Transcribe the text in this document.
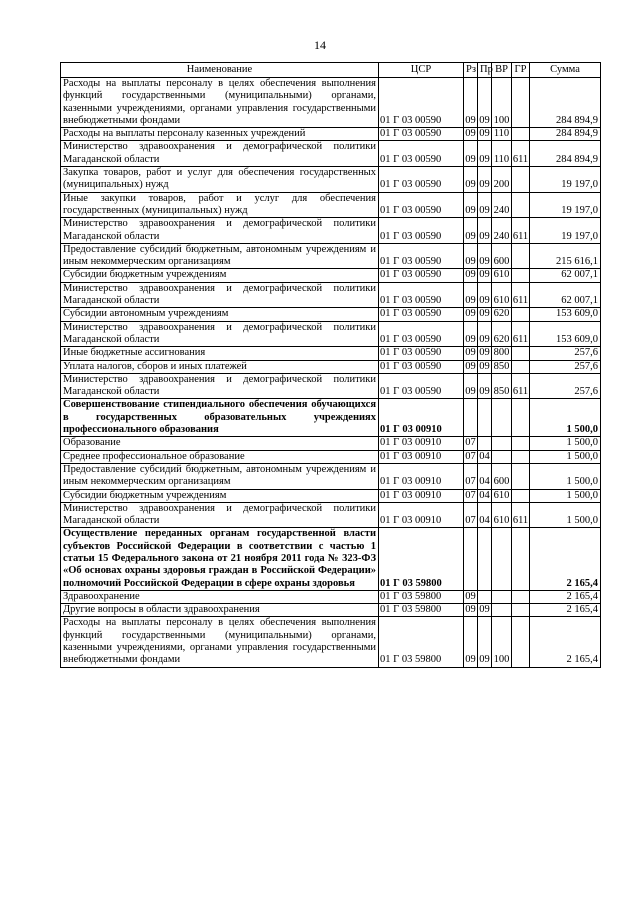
14
Наименование	ЦСР	Рз	Пр	ВР	ГР	Сумма
Расходы на выплаты персоналу в целях обеспечения выполнения функций государственными (муниципальными) органами, казенными учреждениями, органами управления государственными внебюджетными фондами	01 Г 03 00590	09	09	100		284 894,9
Расходы на выплаты персоналу казенных учреждений	01 Г 03 00590	09	09	110		284 894,9
Министерство здравоохранения и демографической политики Магаданской области	01 Г 03 00590	09	09	110	611	284 894,9
Закупка товаров, работ и услуг для обеспечения государственных (муниципальных) нужд	01 Г 03 00590	09	09	200		19 197,0
Иные закупки товаров, работ и услуг для обеспечения государственных (муниципальных) нужд	01 Г 03 00590	09	09	240		19 197,0
Министерство здравоохранения и демографической политики Магаданской области	01 Г 03 00590	09	09	240	611	19 197,0
Предоставление субсидий бюджетным, автономным учреждениям и иным некоммерческим организациям	01 Г 03 00590	09	09	600		215 616,1
Субсидии бюджетным учреждениям	01 Г 03 00590	09	09	610		62 007,1
Министерство здравоохранения и демографической политики Магаданской области	01 Г 03 00590	09	09	610	611	62 007,1
Субсидии автономным учреждениям	01 Г 03 00590	09	09	620		153 609,0
Министерство здравоохранения и демографической политики Магаданской области	01 Г 03 00590	09	09	620	611	153 609,0
Иные бюджетные ассигнования	01 Г 03 00590	09	09	800		257,6
Уплата налогов, сборов и иных платежей	01 Г 03 00590	09	09	850		257,6
Министерство здравоохранения и демографической политики Магаданской области	01 Г 03 00590	09	09	850	611	257,6
Совершенствование стипендиального обеспечения обучающихся в государственных образовательных учреждениях профессионального образования	01 Г 03 00910					1 500,0
Образование	01 Г 03 00910	07				1 500,0
Среднее профессиональное образование	01 Г 03 00910	07	04			1 500,0
Предоставление субсидий бюджетным, автономным учреждениям и иным некоммерческим организациям	01 Г 03 00910	07	04	600		1 500,0
Субсидии бюджетным учреждениям	01 Г 03 00910	07	04	610		1 500,0
Министерство здравоохранения и демографической политики Магаданской области	01 Г 03 00910	07	04	610	611	1 500,0
Осуществление переданных органам государственной власти субъектов Российской Федерации в соответствии с частью 1 статьи 15 Федерального закона от 21 ноября 2011 года № 323-ФЗ «Об основах охраны здоровья граждан в Российской Федерации» полномочий Российской Федерации в сфере охраны здоровья	01 Г 03 59800					2 165,4
Здравоохранение	01 Г 03 59800	09				2 165,4
Другие вопросы в области здравоохранения	01 Г 03 59800	09	09			2 165,4
Расходы на выплаты персоналу в целях обеспечения выполнения функций государственными (муниципальными) органами, казенными учреждениями, органами управления государственными внебюджетными фондами	01 Г 03 59800	09	09	100		2 165,4
